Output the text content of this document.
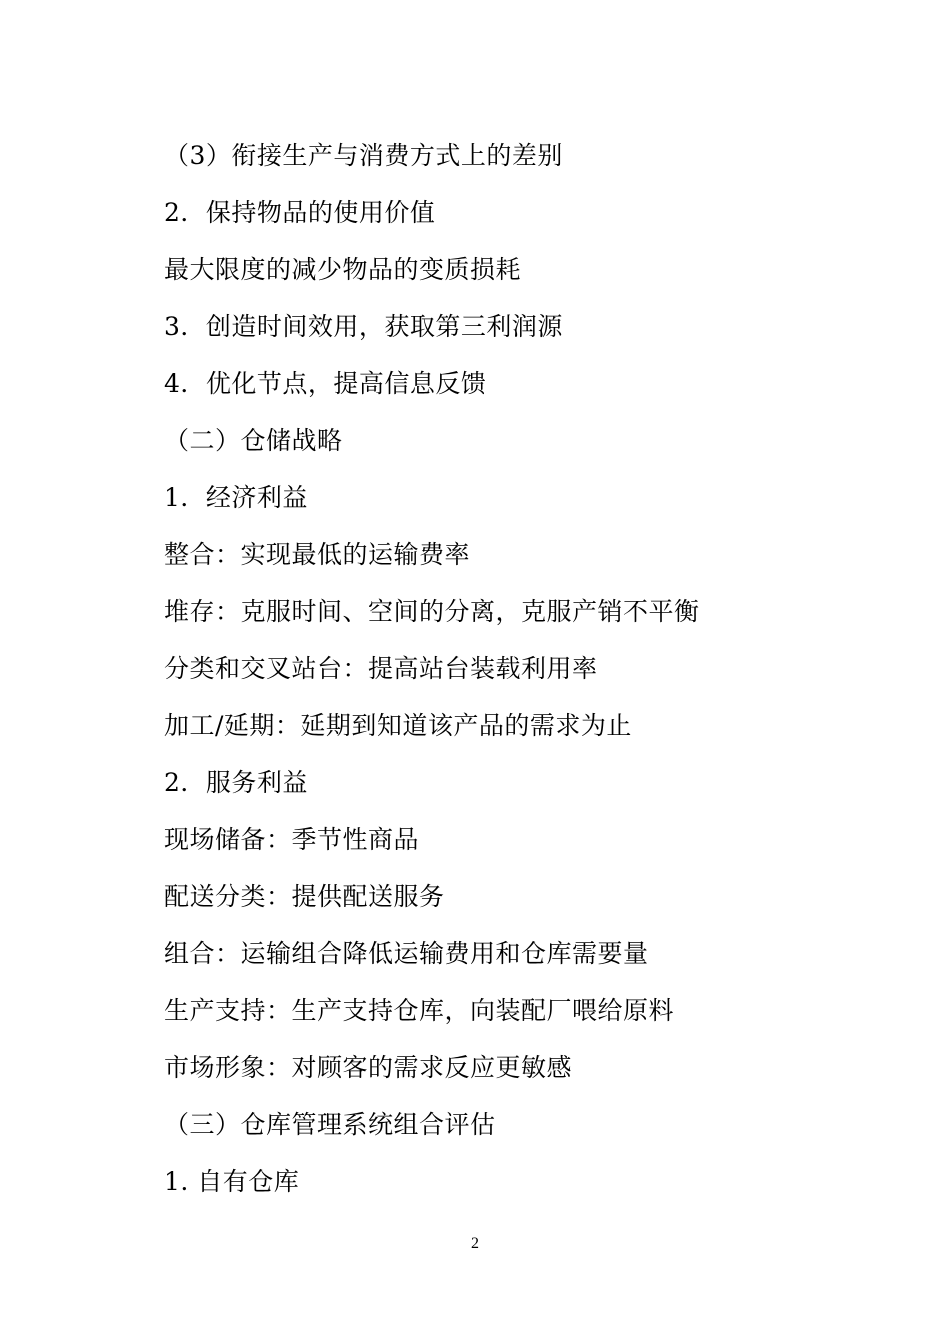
（3）衔接生产与消费方式上的差别
2．保持物品的使用价值
最大限度的减少物品的变质损耗
3．创造时间效用，获取第三利润源
4．优化节点，提高信息反馈
（二）仓储战略
1．经济利益
整合：实现最低的运输费率
堆存：克服时间、空间的分离，克服产销不平衡
分类和交叉站台：提高站台装载利用率
加工/延期：延期到知道该产品的需求为止
2．服务利益
现场储备：季节性商品
配送分类：提供配送服务
组合：运输组合降低运输费用和仓库需要量
生产支持：生产支持仓库，向装配厂喂给原料
市场形象：对顾客的需求反应更敏感
（三）仓库管理系统组合评估
1. 自有仓库
2
